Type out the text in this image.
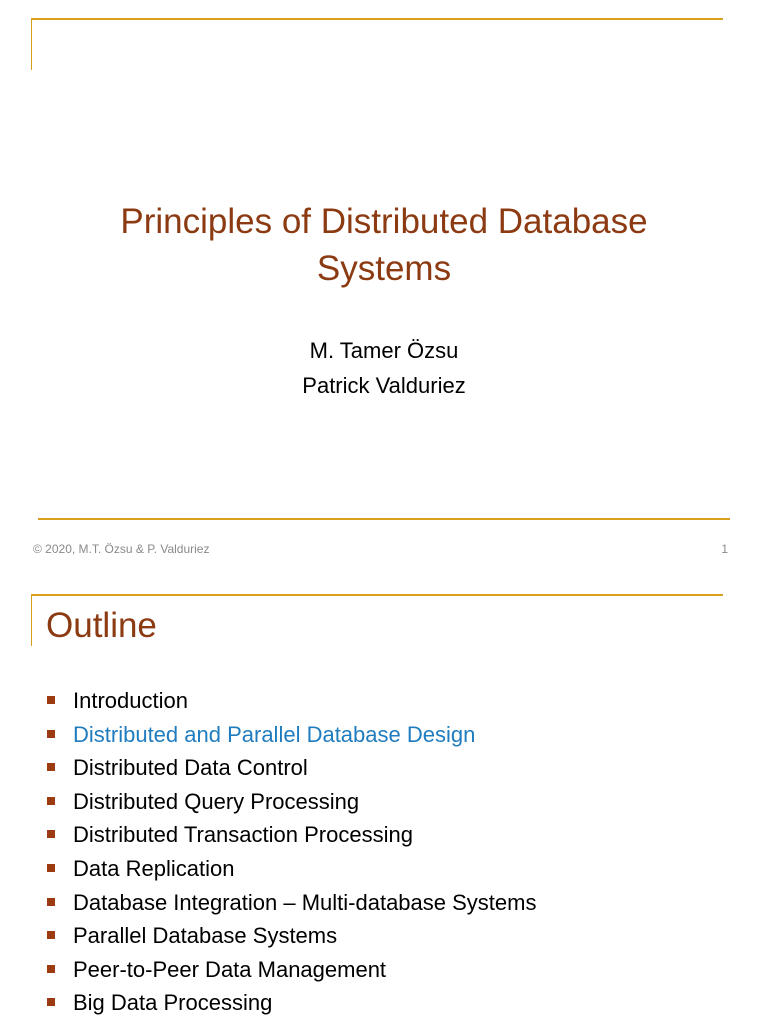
Principles of Distributed Database
Systems
M. Tamer Özsu
Patrick Valduriez
© 2020, M.T. Özsu & P. Valduriez	1
Outline
Introduction
Distributed and Parallel Database Design
Distributed Data Control
Distributed Query Processing
Distributed Transaction Processing
Data Replication
Database Integration – Multi-database Systems
Parallel Database Systems
Peer-to-Peer Data Management
Big Data Processing
